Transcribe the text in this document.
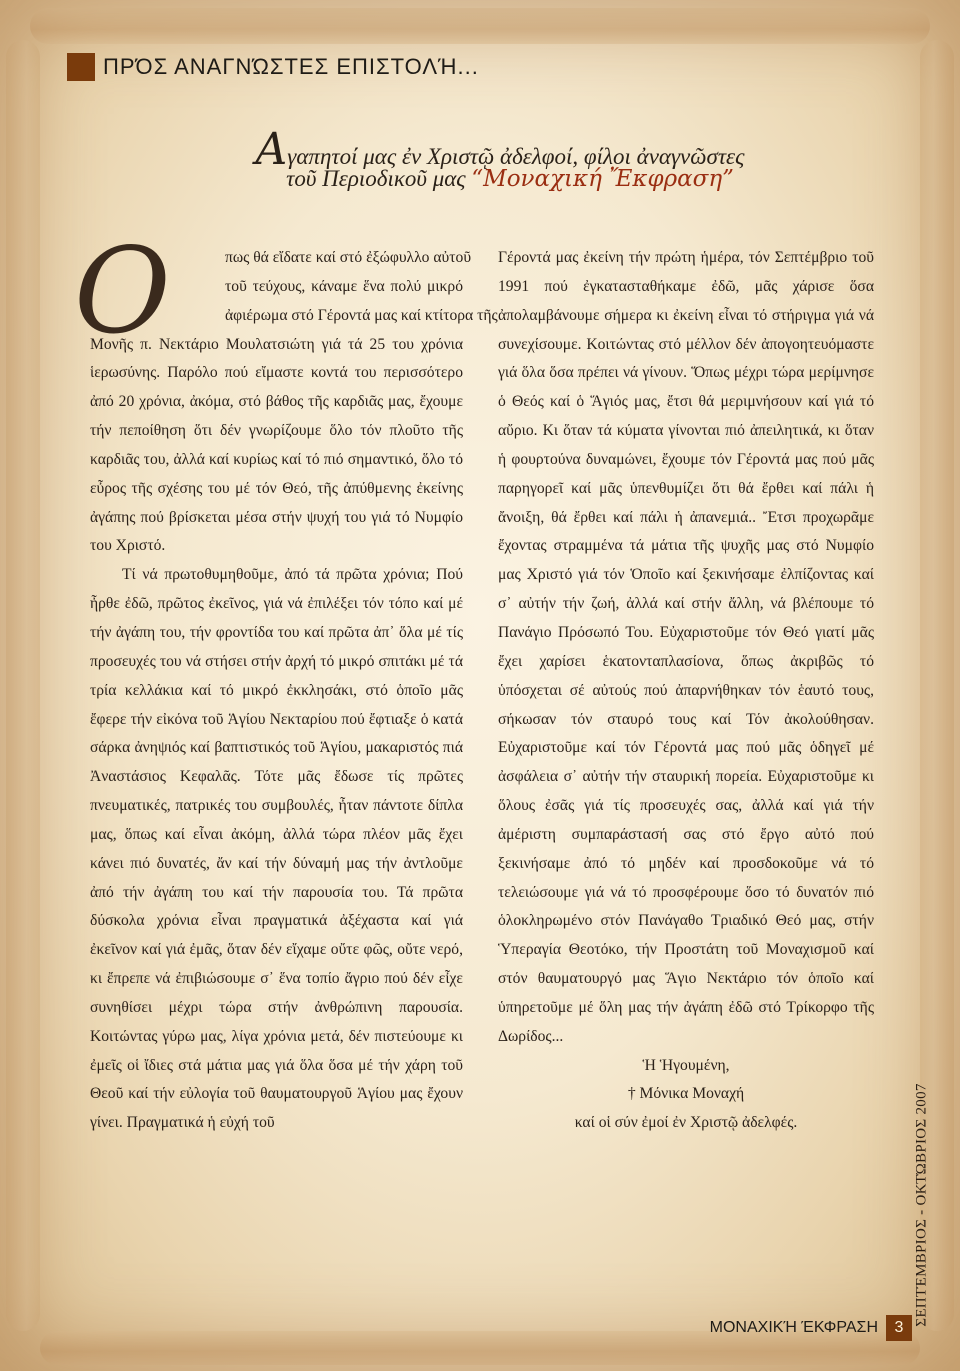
ΠΡΌΣ ΑΝΑΓΝΏΣΤΕΣ ΕΠΙΣΤΟΛΉ...
Αγαπητοί μας ἐν Χριστῷ ἀδελφοί, φίλοι ἀναγνῶστες
τοῦ Περιοδικοῦ μας “Μοναχική Ἔκφραση”
Ο	πως θά εἴδατε καί στό ἐξώφυλλο αὐτοῦ
τοῦ τεύχους, κάναμε ἕνα πολύ μικρό
ἀφιέρωμα στό Γέροντά μας καί κτίτορα τῆς

Μονῆς π. Νεκτάριο Μουλατσιώτη γιά τά 25 του χρόνια ἱερωσύνης. Παρόλο πού εἴμαστε κοντά του περισσότερο ἀπό 20 χρόνια, ἀκόμα, στό βάθος τῆς καρδιᾶς μας, ἔχουμε τήν πεποίθηση ὅτι δέν γνωρίζουμε ὅλο τόν πλοῦτο τῆς καρδιᾶς του, ἀλλά καί κυρίως καί τό πιό σημαντικό, ὅλο τό εὖρος τῆς σχέσης του μέ τόν Θεό, τῆς ἀπύθμενης ἐκείνης ἀγάπης πού βρίσκεται μέσα στήν ψυχή του γιά τό Νυμφίο του Χριστό.

Τί νά πρωτοθυμηθοῦμε, ἀπό τά πρῶτα χρόνια; Πού ἦρθε ἐδῶ, πρῶτος ἐκεῖνος, γιά νά ἐπιλέξει τόν τόπο καί μέ τήν ἀγάπη του, τήν φροντίδα του καί πρῶτα ἀπ᾽ ὅλα μέ τίς προσευχές του νά στήσει στήν ἀρχή τό μικρό σπιτάκι μέ τά τρία κελλάκια καί τό μικρό ἐκκλησάκι, στό ὁποῖο μᾶς ἔφερε τήν εἰκόνα τοῦ Ἁγίου Νεκταρίου πού ἔφτιαξε ὁ κατά σάρκα ἀνηψιός καί βαπτιστικός τοῦ Ἁγίου, μακαριστός πιά Ἀναστάσιος Κεφαλᾶς. Τότε μᾶς ἔδωσε τίς πρῶτες πνευματικές, πατρικές του συμβουλές, ἦταν πάντοτε δίπλα μας, ὅπως καί εἶναι ἀκόμη, ἀλλά τώρα πλέον μᾶς ἔχει κάνει πιό δυνατές, ἄν καί τήν δύναμή μας τήν ἀντλοῦμε ἀπό τήν ἀγάπη του καί τήν παρουσία του. Τά πρῶτα δύσκολα χρόνια εἶναι πραγματικά ἀξέχαστα καί γιά ἐκεῖνον καί γιά ἐμᾶς, ὅταν δέν εἴχαμε οὔτε φῶς, οὔτε νερό, κι ἔπρεπε νά ἐπιβιώσουμε σ᾽ ἕνα τοπίο ἄγριο πού δέν εἶχε συνηθίσει μέχρι τώρα στήν ἀνθρώπινη παρουσία. Κοιτώντας γύρω μας, λίγα χρόνια μετά, δέν πιστεύουμε κι ἐμεῖς οἱ ἴδιες στά μάτια μας γιά ὅλα ὅσα μέ τήν χάρη τοῦ Θεοῦ καί τήν εὐλογία τοῦ θαυματουργοῦ Ἁγίου μας ἔχουν γίνει. Πραγματικά ἡ εὐχή τοῦ

Γέροντά μας ἐκείνη τήν πρώτη ἡμέρα, τόν Σεπτέμβριο τοῦ 1991 πού ἐγκατασταθήκαμε ἐδῶ, μᾶς χάρισε ὅσα ἀπολαμβάνουμε σήμερα κι ἐκείνη εἶναι τό στήριγμα γιά νά συνεχίσουμε. Κοιτώντας στό μέλλον δέν ἀπογοητευόμαστε γιά ὅλα ὅσα πρέπει νά γίνουν. Ὅπως μέχρι τώρα μερίμνησε ὁ Θεός καί ὁ Ἅγιός μας, ἔτσι θά μεριμνήσουν καί γιά τό αὔριο. Κι ὅταν τά κύματα γίνονται πιό ἀπειλητικά, κι ὅταν ἡ φουρτούνα δυναμώνει, ἔχουμε τόν Γέροντά μας πού μᾶς παρηγορεῖ καί μᾶς ὑπενθυμίζει ὅτι θά ἔρθει καί πάλι ἡ ἄνοιξη, θά ἔρθει καί πάλι ἡ ἀπανεμιά.. Ἔτσι προχωρᾶμε ἔχοντας στραμμένα τά μάτια τῆς ψυχῆς μας στό Νυμφίο μας Χριστό γιά τόν Ὁποῖο καί ξεκινήσαμε ἐλπίζοντας καί σ᾽ αὐτήν τήν ζωή, ἀλλά καί στήν ἄλλη, νά βλέπουμε τό Πανάγιο Πρόσωπό Του. Εὐχαριστοῦμε τόν Θεό γιατί μᾶς ἔχει χαρίσει ἑκατονταπλασίονα, ὅπως ἀκριβῶς τό ὑπόσχεται σέ αὐτούς πού ἀπαρνήθηκαν τόν ἑαυτό τους, σήκωσαν τόν σταυρό τους καί Τόν ἀκολούθησαν. Εὐχαριστοῦμε καί τόν Γέροντά μας πού μᾶς ὁδηγεῖ μέ ἀσφάλεια σ᾽ αὐτήν τήν σταυρική πορεία. Εὐχαριστοῦμε κι ὅλους ἐσᾶς γιά τίς προσευχές σας, ἀλλά καί γιά τήν ἀμέριστη συμπαράστασή σας στό ἔργο αὐτό πού ξεκινήσαμε ἀπό τό μηδέν καί προσδοκοῦμε νά τό τελειώσουμε γιά νά τό προσφέρουμε ὅσο τό δυνατόν πιό ὁλοκληρωμένο στόν Πανάγαθο Τριαδικό Θεό μας, στήν Ὑπεραγία Θεοτόκο, τήν Προστάτη τοῦ Μοναχισμοῦ καί στόν θαυματουργό μας Ἅγιο Νεκτάριο τόν ὁποῖο καί ὑπηρετοῦμε μέ ὅλη μας τήν ἀγάπη ἐδῶ στό Τρίκορφο τῆς Δωρίδος...

Ἡ Ἡγουμένη,
† Μόνικα Μοναχή
καί οἱ σύν ἐμοί ἐν Χριστῷ ἀδελφές.	ΣΕΠΤΈΜΒΡΙΟΣ - ΟΚΤΏΒΡΙΟΣ 2007
ΜΟΝΑΧΙΚΉ ΈΚΦΡΑΣΗ	3
